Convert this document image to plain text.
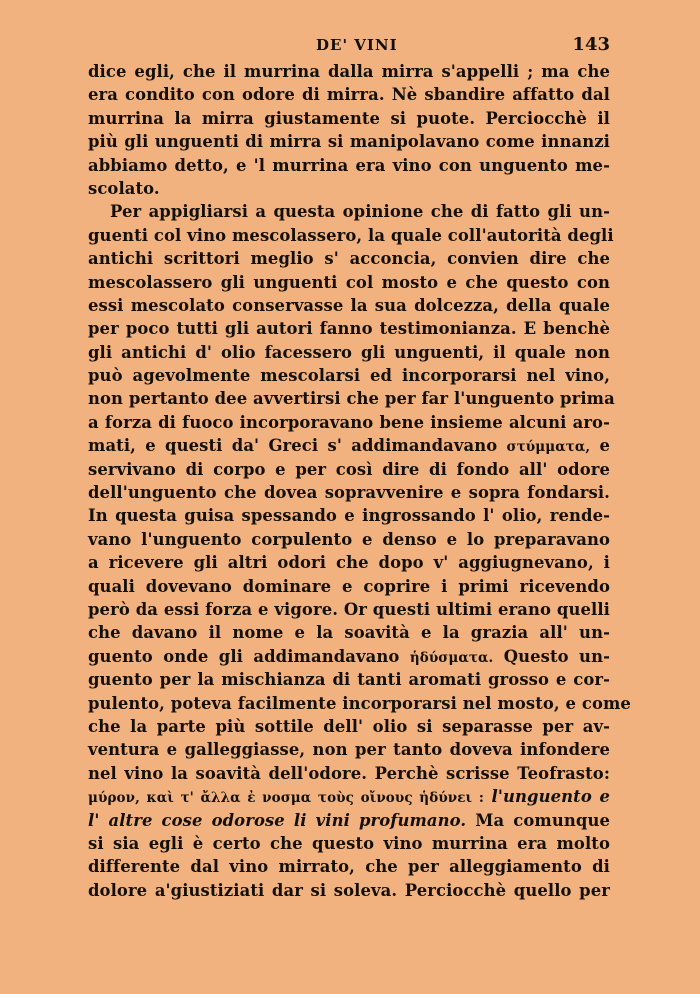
DE' VINI	143
dice egli, che il murrina dalla mirra s'appelli ; ma che
era condito con odore di mirra. Nè sbandire affatto dal
murrina la mirra giustamente si puote. Perciocchè il
più gli unguenti di mirra si manipolavano come innanzi
abbiamo detto, e 'l murrina era vino con unguento me-
scolato.
Per appigliarsi a questa opinione che di fatto gli un-
guenti col vino mescolassero, la quale coll'autorità degli
antichi scrittori meglio s' acconcia, convien dire che
mescolassero gli unguenti col mosto e che questo con
essi mescolato conservasse la sua dolcezza, della quale
per poco tutti gli autori fanno testimonianza. E benchè
gli antichi d' olio facessero gli unguenti, il quale non
può agevolmente mescolarsi ed incorporarsi nel vino,
non pertanto dee avvertirsi che per far l'unguento prima
a forza di fuoco incorporavano bene insieme alcuni aro-
mati, e questi da' Greci s' addimandavano στύμματα, e
servivano di corpo e per così dire di fondo all' odore
dell'unguento che dovea sopravvenire e sopra fondarsi.
In questa guisa spessando e ingrossando l' olio, rende-
vano l'unguento corpulento e denso e lo preparavano
a ricevere gli altri odori che dopo v' aggiugnevano, i
quali dovevano dominare e coprire i primi ricevendo
però da essi forza e vigore. Or questi ultimi erano quelli
che davano il nome e la soavità e la grazia all' un-
guento onde gli addimandavano ἡδύσματα. Questo un-
guento per la mischianza di tanti aromati grosso e cor-
pulento, poteva facilmente incorporarsi nel mosto, e come
che la parte più sottile dell' olio si separasse per av-
ventura e galleggiasse, non per tanto doveva infondere
nel vino la soavità dell'odore. Perchè scrisse Teofrasto:
μύρον, καὶ τ' ἄλλα ἐ νοσμα τοὺς οἴνους ἡδύνει : l'unguento e
l' altre cose odorose li vini profumano. Ma comunque
si sia egli è certo che questo vino murrina era molto
differente dal vino mirrato, che per alleggiamento di
dolore a'giustiziati dar si soleva. Perciocchè quello per
